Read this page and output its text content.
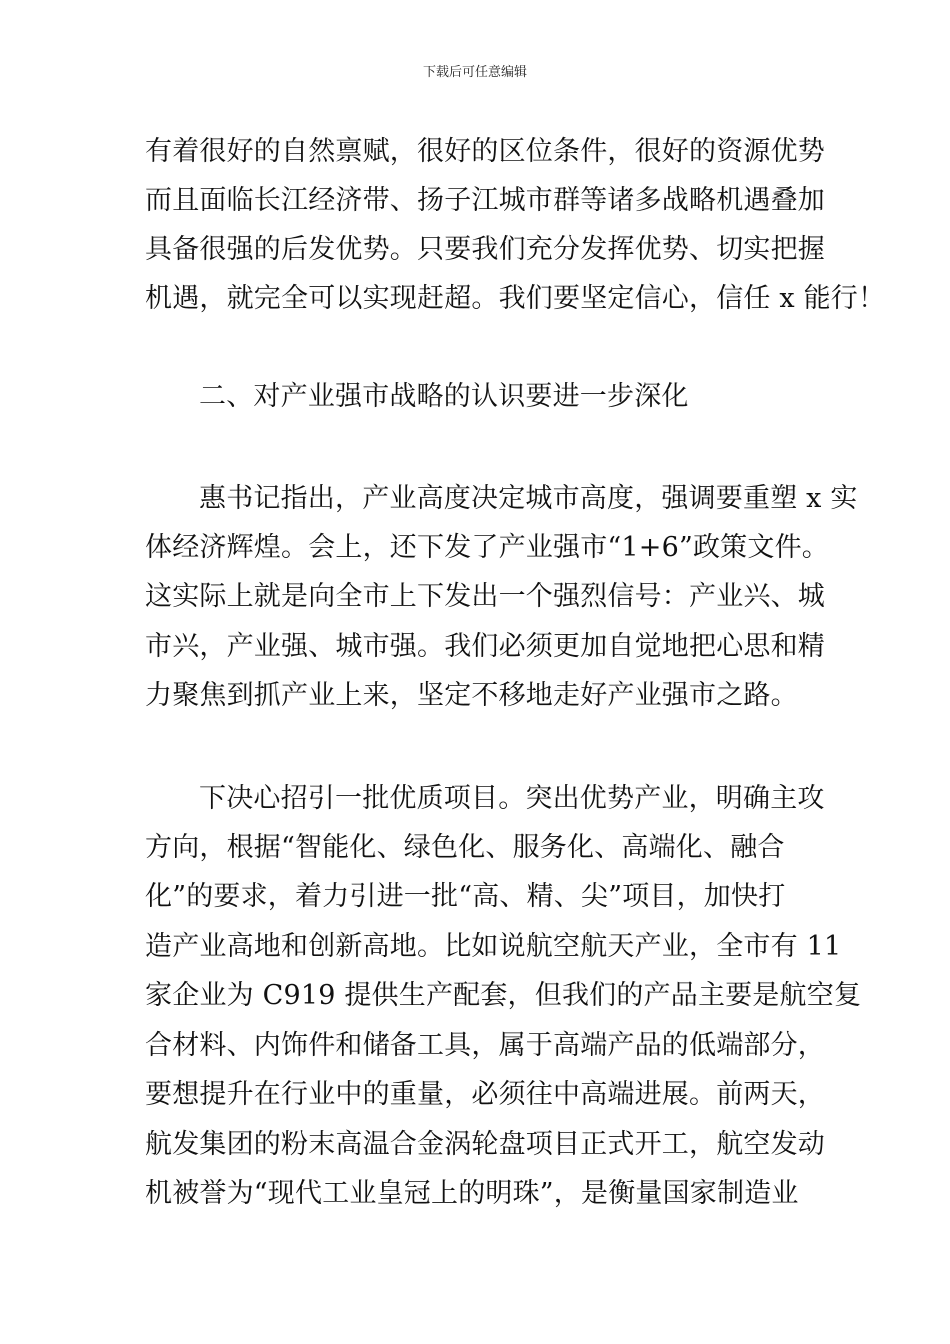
下载后可任意编辑
有着很好的自然禀赋，很好的区位条件，很好的资源优势
而且面临长江经济带、扬子江城市群等诸多战略机遇叠加
具备很强的后发优势。只要我们充分发挥优势、切实把握
机遇，就完全可以实现赶超。我们要坚定信心，信任 x 能行！
二、对产业强市战略的认识要进一步深化
惠书记指出，产业高度决定城市高度，强调要重塑 x 实
体经济辉煌。会上，还下发了产业强市“1+6”政策文件。
这实际上就是向全市上下发出一个强烈信号：产业兴、城
市兴，产业强、城市强。我们必须更加自觉地把心思和精
力聚焦到抓产业上来，坚定不移地走好产业强市之路。
下决心招引一批优质项目。突出优势产业，明确主攻
方向，根据“智能化、绿色化、服务化、高端化、融合
化”的要求，着力引进一批“高、精、尖”项目，加快打
造产业高地和创新高地。比如说航空航天产业，全市有 11
家企业为 C919 提供生产配套，但我们的产品主要是航空复
合材料、内饰件和储备工具，属于高端产品的低端部分，
要想提升在行业中的重量，必须往中高端进展。前两天，
航发集团的粉末高温合金涡轮盘项目正式开工，航空发动
机被誉为“现代工业皇冠上的明珠”，是衡量国家制造业
